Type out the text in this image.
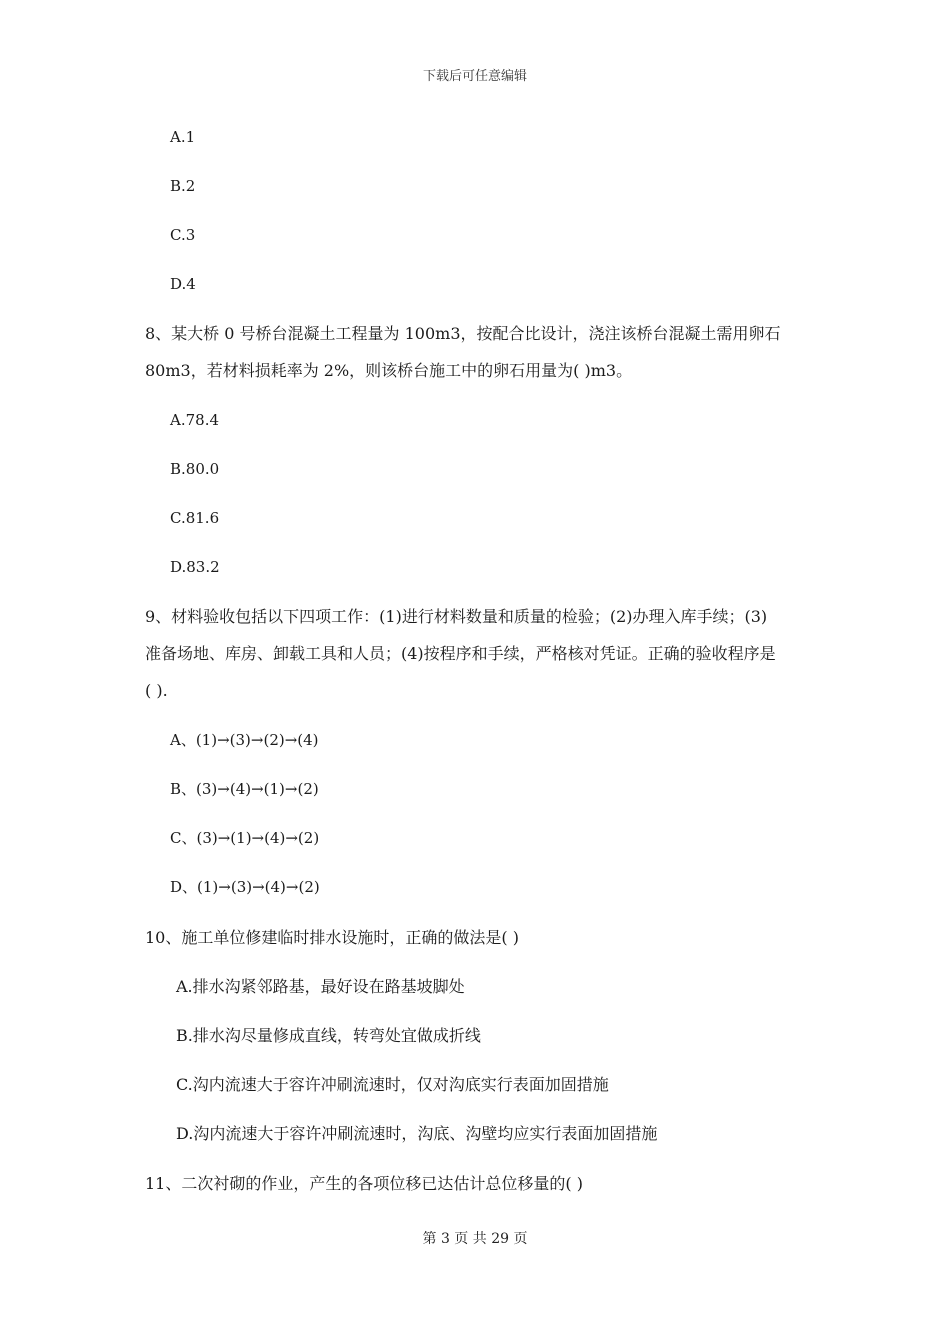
下载后可任意编辑
A.1
B.2
C.3
D.4
8、某大桥 0 号桥台混凝土工程量为 100m3，按配合比设计，浇注该桥台混凝土需用卵石
80m3，若材料损耗率为 2%，则该桥台施工中的卵石用量为( )m3。
A.78.4
B.80.0
C.81.6
D.83.2
9、材料验收包括以下四项工作：(1)进行材料数量和质量的检验；(2)办理入库手续；(3)
准备场地、库房、卸载工具和人员；(4)按程序和手续，严格核对凭证。正确的验收程序是
( ).
A、(1)→(3)→(2)→(4)
B、(3)→(4)→(1)→(2)
C、(3)→(1)→(4)→(2)
D、(1)→(3)→(4)→(2)
10、施工单位修建临时排水设施时，正确的做法是( )
A.排水沟紧邻路基，最好设在路基坡脚处
B.排水沟尽量修成直线，转弯处宜做成折线
C.沟内流速大于容许冲刷流速时，仅对沟底实行表面加固措施
D.沟内流速大于容许冲刷流速时，沟底、沟壁均应实行表面加固措施
11、二次衬砌的作业，产生的各项位移已达估计总位移量的( )
第 3 页 共 29 页
